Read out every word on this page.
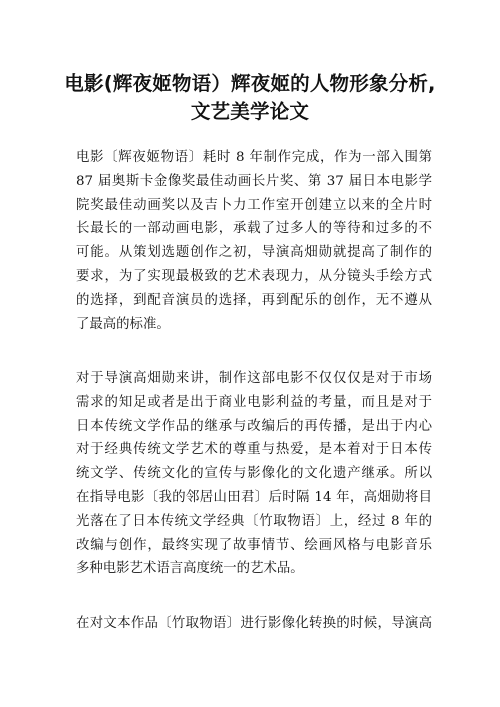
电影(辉夜姬物语）辉夜姬的人物形象分析,
文艺美学论文
电影〔辉夜姬物语〕耗时 8 年制作完成，作为一部入围第
87 届奥斯卡金像奖最佳动画长片奖、第 37 届日本电影学
院奖最佳动画奖以及吉卜力工作室开创建立以来的全片时
长最长的一部动画电影，承载了过多人的等待和过多的不
可能。从策划选题创作之初，导演高畑勋就提高了制作的
要求，为了实现最极致的艺术表现力，从分镜头手绘方式
的选择，到配音演员的选择，再到配乐的创作，无不遵从
了最高的标准。
对于导演高畑勋来讲，制作这部电影不仅仅仅是对于市场
需求的知足或者是出于商业电影利益的考量，而且是对于
日本传统文学作品的继承与改编后的再传播，是出于内心
对于经典传统文学艺术的尊重与热爱，是本着对于日本传
统文学、传统文化的宣传与影像化的文化遗产继承。所以
在指导电影〔我的邻居山田君〕后时隔 14 年，高畑勋将目
光落在了日本传统文学经典〔竹取物语〕上，经过 8 年的
改编与创作，最终实现了故事情节、绘画风格与电影音乐
多种电影艺术语言高度统一的艺术品。
在对文本作品〔竹取物语〕进行影像化转换的时候，导演高
